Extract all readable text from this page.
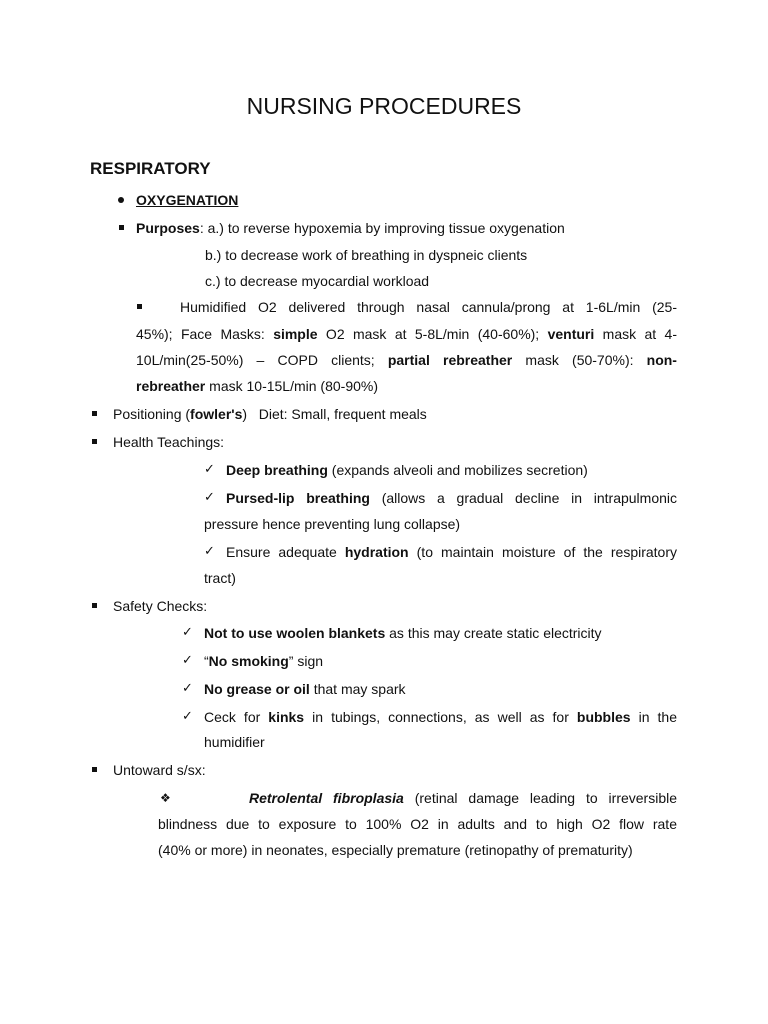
NURSING PROCEDURES
RESPIRATORY
OXYGENATION
Purposes: a.) to reverse hypoxemia by improving tissue oxygenation
b.) to decrease work of breathing in dyspneic clients
c.) to decrease myocardial workload
Humidified O2 delivered through nasal cannula/prong at 1-6L/min (25-
45%); Face Masks: simple O2 mask at 5-8L/min (40-60%); venturi mask at 4-
10L/min(25-50%) – COPD clients; partial rebreather mask (50-70%): non-
rebreather mask 10-15L/min (80-90%)
Positioning (fowler's)   Diet: Small, frequent meals
Health Teachings:
✓ Deep breathing (expands alveoli and mobilizes secretion)
✓ Pursed-lip breathing (allows a gradual decline in intrapulmonic
pressure hence preventing lung collapse)
✓ Ensure adequate hydration (to maintain moisture of the respiratory
tract)
Safety Checks:
✓ Not to use woolen blankets as this may create static electricity
✓ “No smoking” sign
✓ No grease or oil that may spark
✓ Ceck for kinks in tubings, connections, as well as for bubbles in the
humidifier
Untoward s/sx:
❖	Retrolental fibroplasia (retinal damage leading to irreversible
blindness due to exposure to 100% O2 in adults and to high O2 flow rate
(40% or more) in neonates, especially premature (retinopathy of prematurity)
